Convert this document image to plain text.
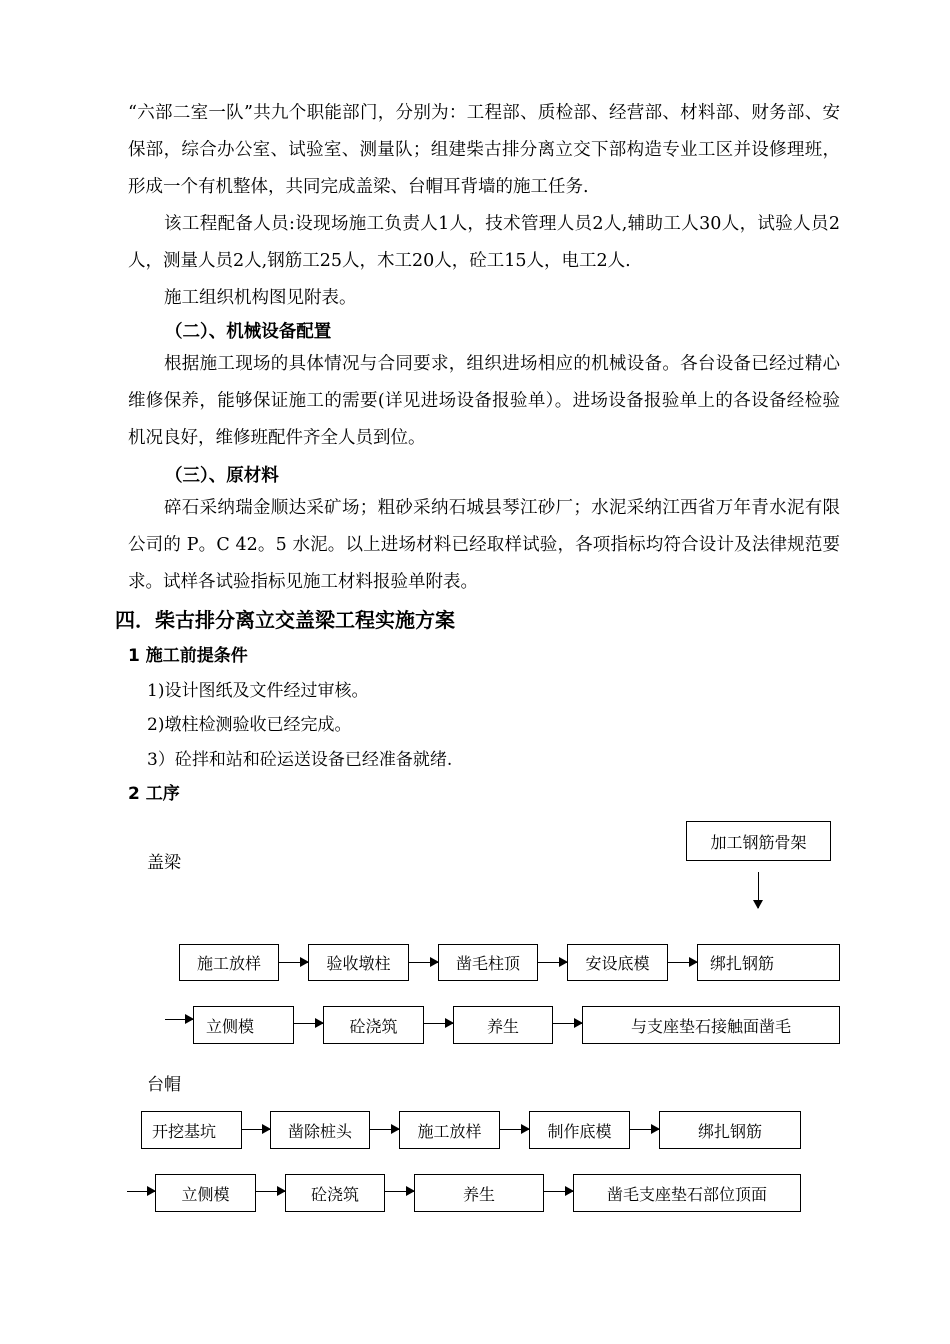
“六部二室一队”共九个职能部门，分别为：工程部、质检部、经营部、材料部、财务部、安保部，综合办公室、试验室、测量队；组建柴古排分离立交下部构造专业工区并设修理班，形成一个有机整体，共同完成盖梁、台帽耳背墙的施工任务.

该工程配备人员:设现场施工负责人1人，技术管理人员2人,辅助工人30人，试验人员2人，测量人员2人,钢筋工25人，木工20人，砼工15人，电工2人.

施工组织机构图见附表。

（二）、机械设备配置

根据施工现场的具体情况与合同要求，组织进场相应的机械设备。各台设备已经过精心维修保养，能够保证施工的需要(详见进场设备报验单）。进场设备报验单上的各设备经检验机况良好，维修班配件齐全人员到位。

（三）、原材料

碎石采纳瑞金顺达采矿场；粗砂采纳石城县琴江砂厂；水泥采纳江西省万年青水泥有限公司的 P。C 42。5 水泥。以上进场材料已经取样试验，各项指标均符合设计及法律规范要求。试样各试验指标见施工材料报验单附表。

四．柴古排分离立交盖梁工程实施方案

1 施工前提条件

1)设计图纸及文件经过审核。

2)墩柱检测验收已经完成。

3）砼拌和站和砼运送设备已经准备就绪.

2 工序

盖梁

加工钢筋骨架
施工放样	验收墩柱	凿毛柱顶	安设底模	绑扎钢筋
立侧模	砼浇筑	养生	与支座垫石接触面凿毛

台帽

开挖基坑	凿除桩头	施工放样	制作底模	绑扎钢筋
立侧模	砼浇筑	养生	凿毛支座垫石部位顶面
